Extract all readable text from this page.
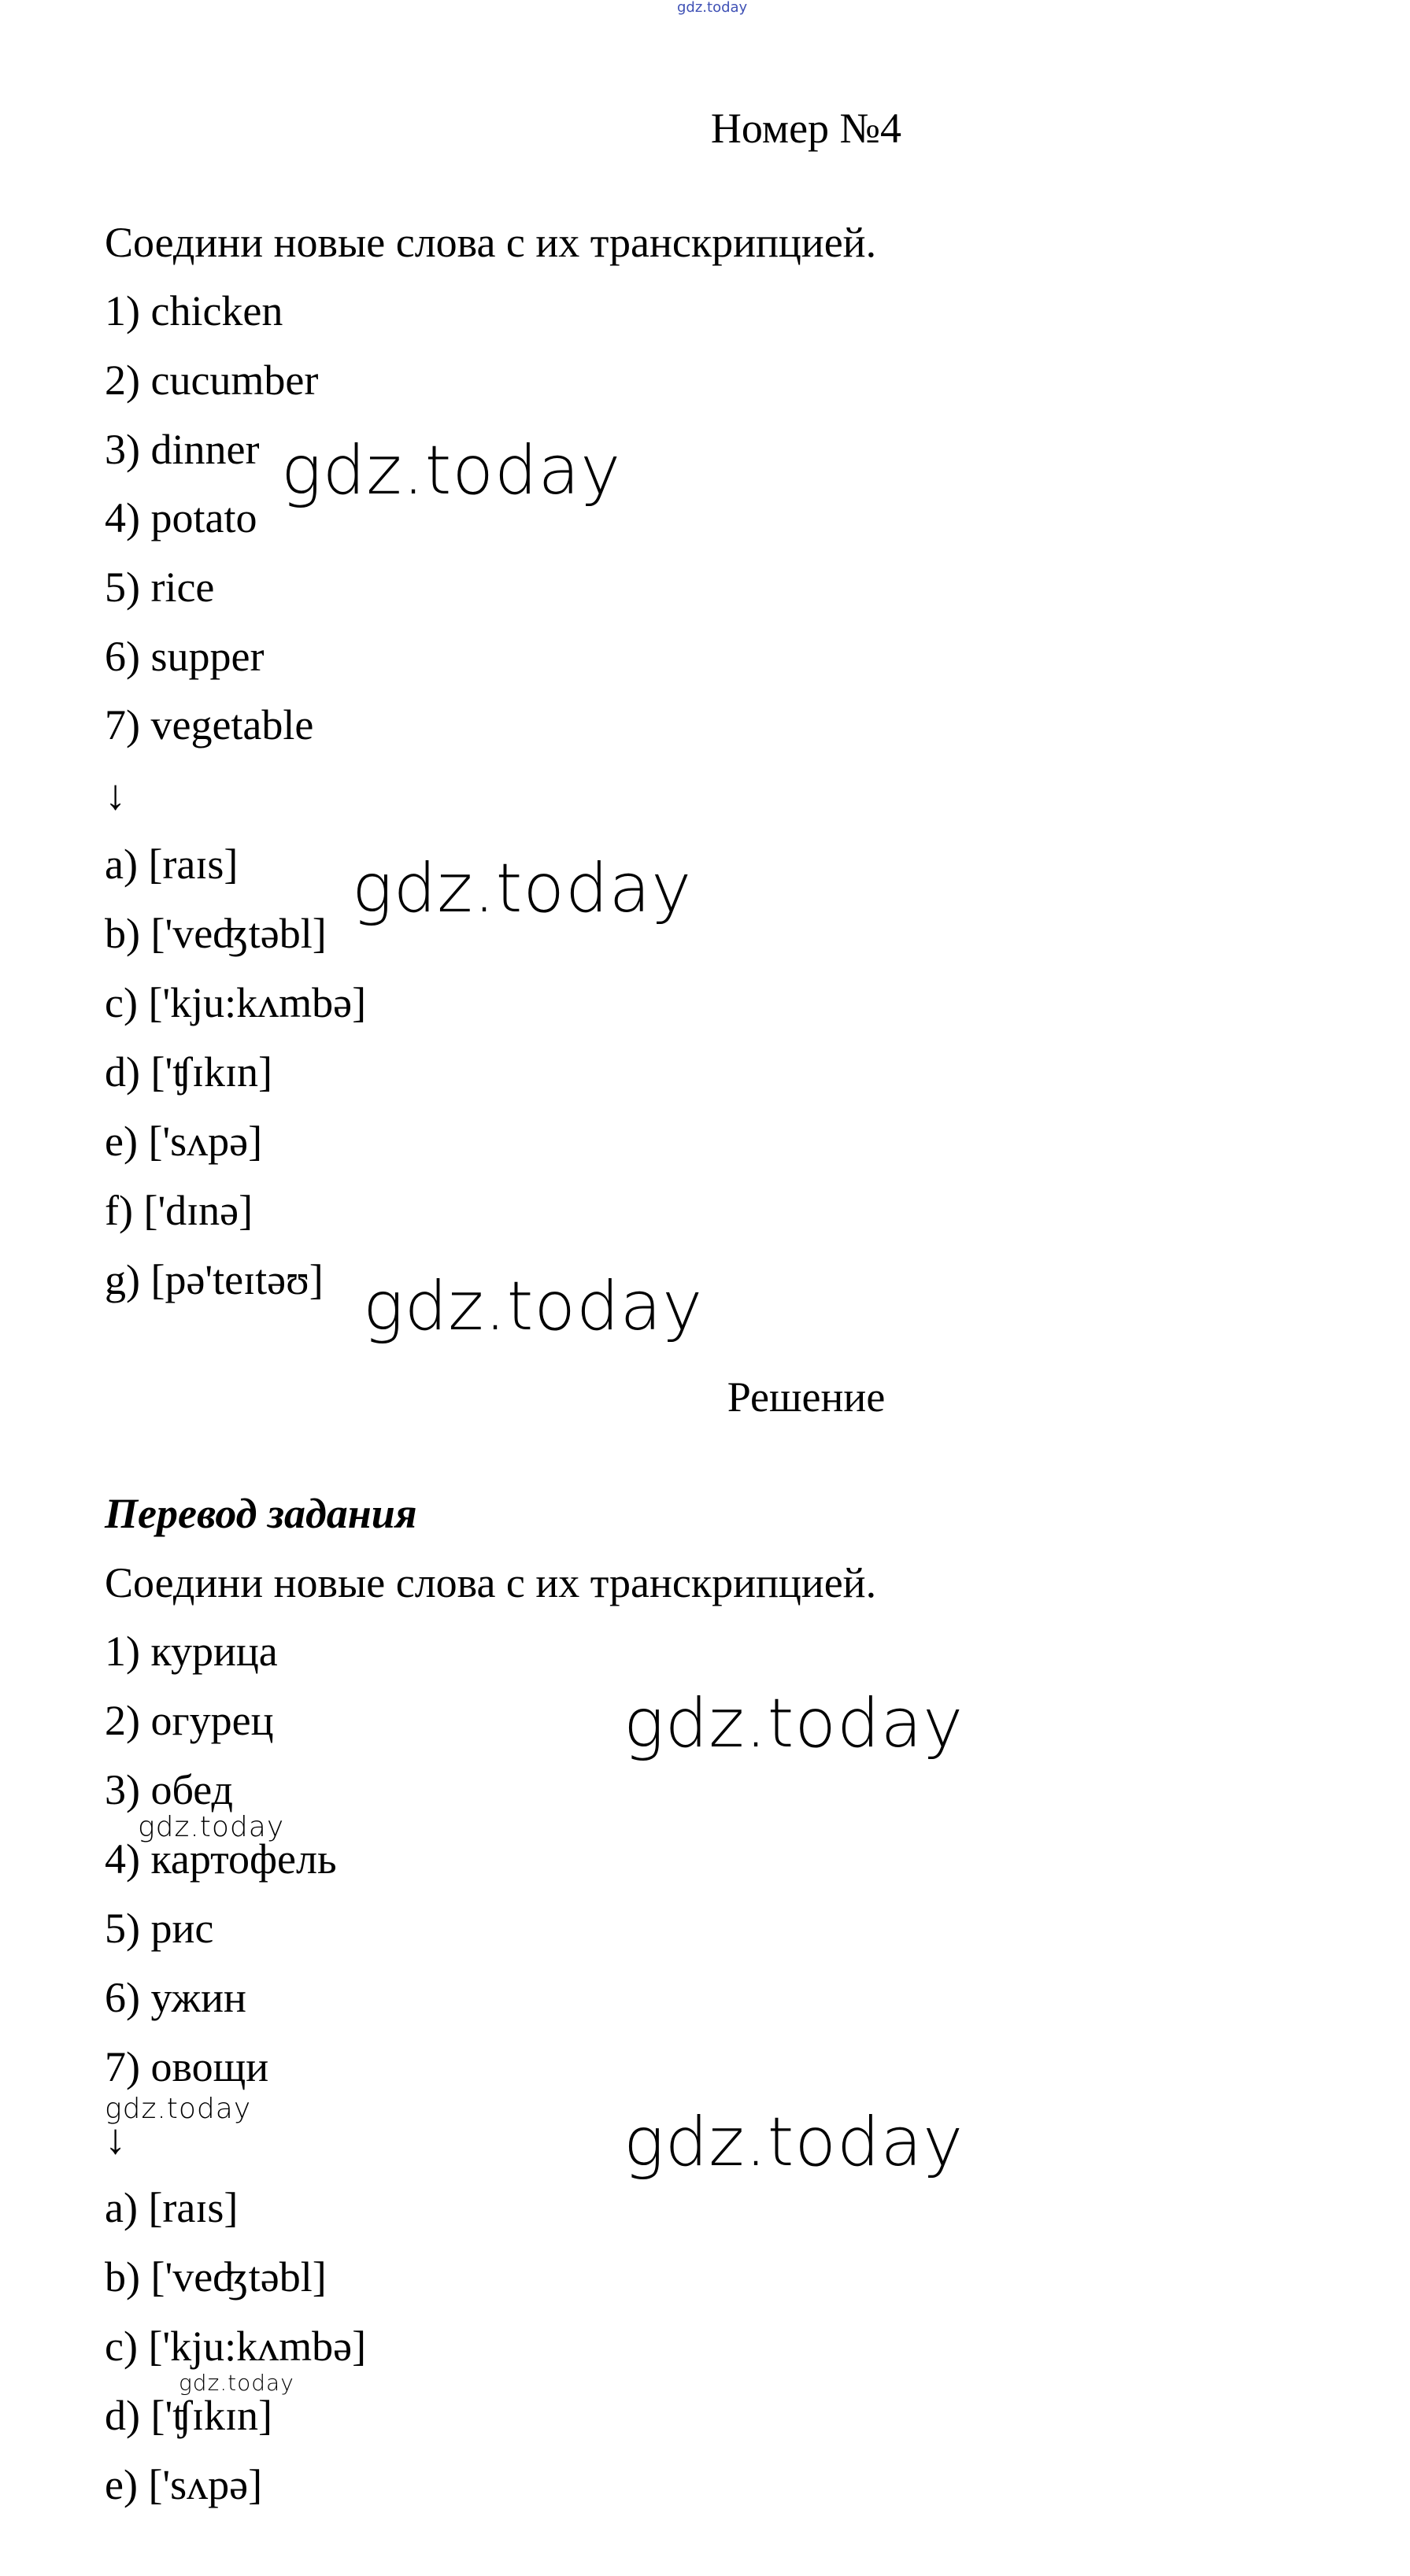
gdz.today
Номер №4
Соедини новые слова с их транскрипцией.
1) chicken
2) cucumber
3) dinner
4) potato
5) rice
6) supper
7) vegetable
↓
a) [raɪs]
b) ['veʤtəbl]
c) ['kju:kʌmbə]
d) ['ʧɪkɪn]
e) ['sʌpə]
f) ['dɪnə]
g) [pə'teɪtəʊ]
Решение
Перевод задания
Соедини новые слова с их транскрипцией.
1) курица
2) огурец
3) обед
4) картофель
5) рис
6) ужин
7) овощи
↓
a) [raɪs]
b) ['veʤtəbl]
c) ['kju:kʌmbə]
d) ['ʧɪkɪn]
e) ['sʌpə]
gdz.today
gdz.today
gdz.today
gdz.today
gdz.today
gdz.today	gdz.today
gdz.today
